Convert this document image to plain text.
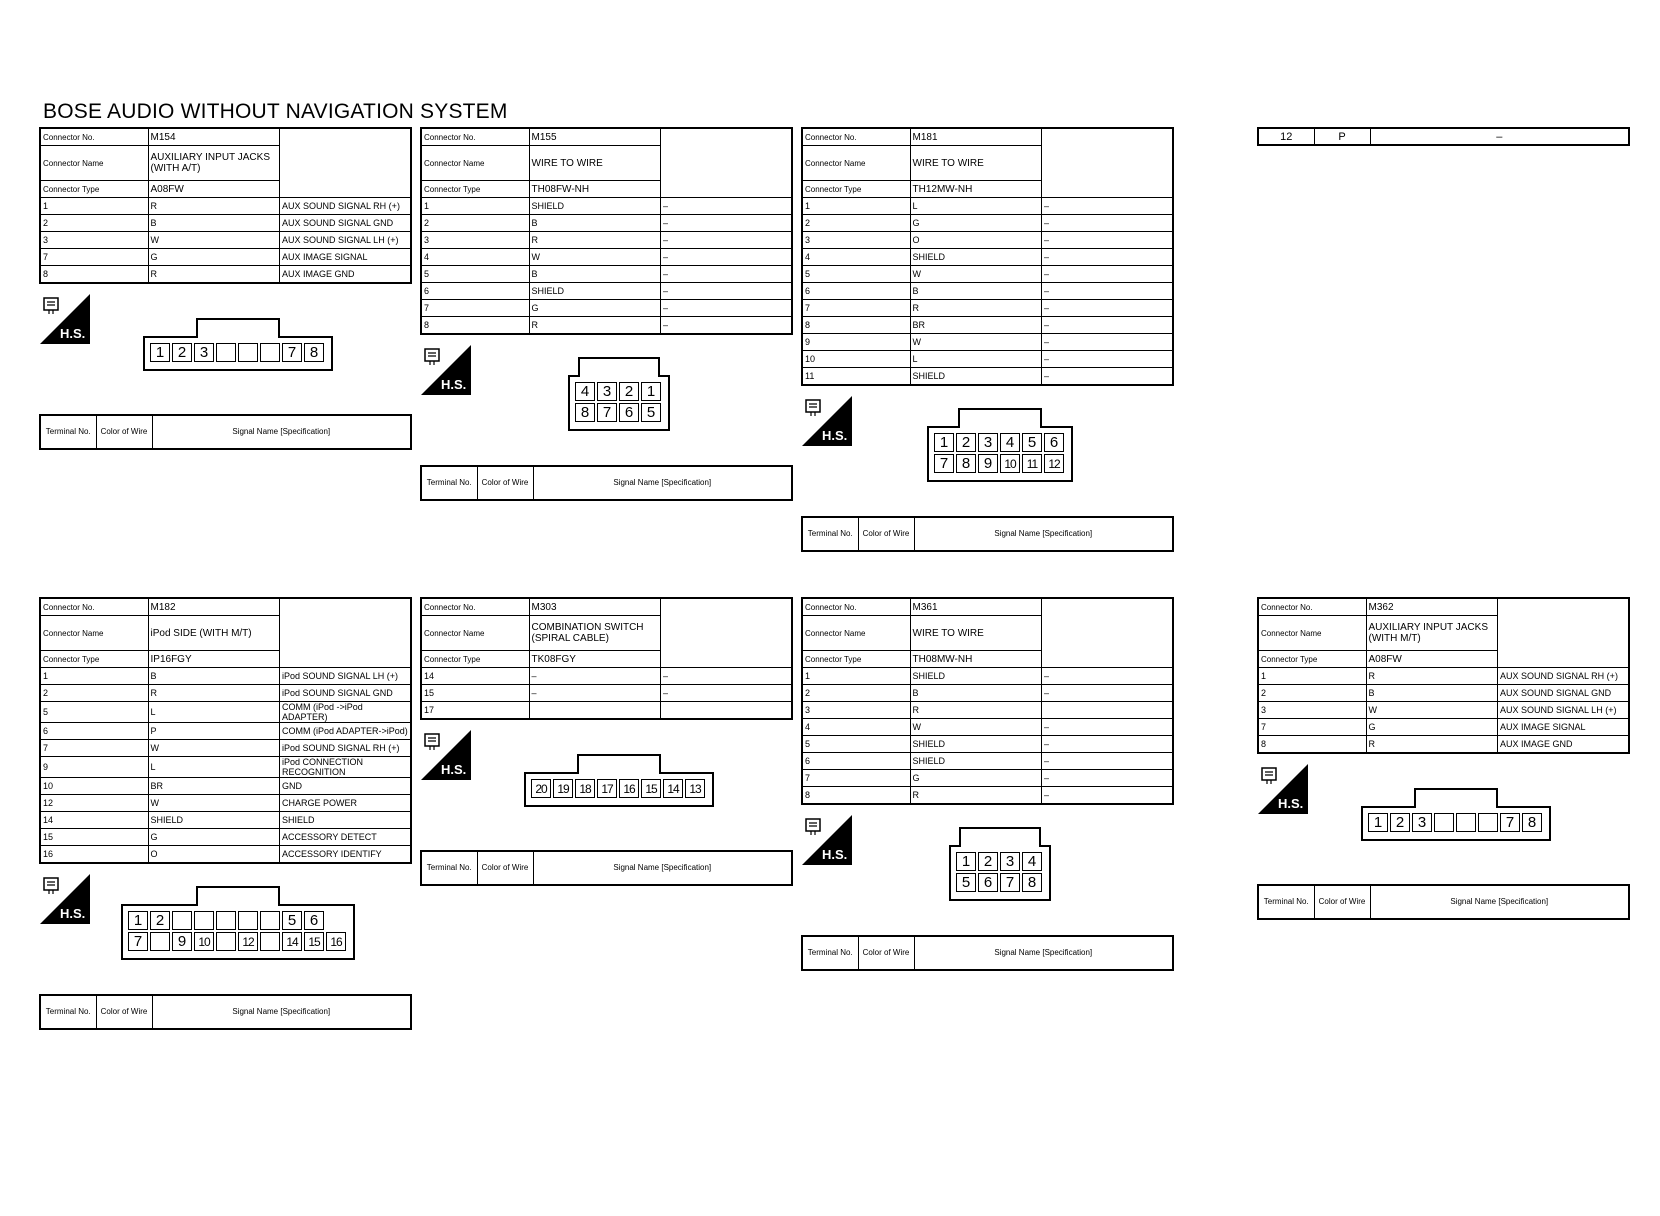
BOSE AUDIO WITHOUT NAVIGATION SYSTEM
12	P	–
Connector No.	M154	
Connector Name	AUXILIARY INPUT JACKS (WITH A/T)	
Connector Type	A08FW	
1	R	AUX SOUND SIGNAL RH (+)
2	B	AUX SOUND SIGNAL GND
3	W	AUX SOUND SIGNAL LH (+)
7	G	AUX IMAGE SIGNAL
8	R	AUX IMAGE GND
H.S.
1 2 3	7 8
Terminal No.	Color of Wire	Signal Name [Specification]
Connector No.	M155	
Connector Name	WIRE TO WIRE	
Connector Type	TH08FW-NH	
1	SHIELD	–
2	B	–
3	R	–
4	W	–
5	B	–
6	SHIELD	–
7	G	–
8	R	–
H.S.	4 3 2 1
8 7 6 5
Terminal No.	Color of Wire	Signal Name [Specification]
Connector No.	M181	
Connector Name	WIRE TO WIRE	
Connector Type	TH12MW-NH	
1	L	–
2	G	–
3	O	–
4	SHIELD	–
5	W	–
6	B	–
7	R	–
8	BR	–
9	W	–
10	L	–
11	SHIELD	–
H.S.	1 2 3 4 5 6
7 8 9	10 11 12
Terminal No.	Color of Wire	Signal Name [Specification]
Connector No.	M182	
Connector Name	iPod SIDE (WITH M/T)	
Connector Type	IP16FGY	
1	B	iPod SOUND SIGNAL LH (+)
2	R	iPod SOUND SIGNAL GND
5	L	COMM (iPod ->iPod ADAPTER)
6	P	COMM (iPod ADAPTER->iPod)
7	W	iPod SOUND SIGNAL RH (+)
9	L	iPod CONNECTION RECOGNITION
10	BR	GND
12	W	CHARGE POWER
14	SHIELD	SHIELD
15	G	ACCESSORY DETECT
16	O	ACCESSORY IDENTIFY
H.S.	1 2	5 6
7	9	10	12	14 15 16
Terminal No.	Color of Wire	Signal Name [Specification]
Connector No.	M303	
Connector Name	COMBINATION SWITCH (SPIRAL CABLE)	
Connector Type	TK08FGY	
14	–	–
15	–	–
17		
H.S.
20 19 18 17 16 15 14 13
Terminal No.	Color of Wire	Signal Name [Specification]
Connector No.	M361	
Connector Name	WIRE TO WIRE	
Connector Type	TH08MW-NH	
1	SHIELD	–
2	B	–
3	R	
4	W	–
5	SHIELD	–
6	SHIELD	–
7	G	–
8	R	–
H.S.	1 2 3 4
5 6 7 8
Terminal No.	Color of Wire	Signal Name [Specification]
Connector No.	M362	
Connector Name	AUXILIARY INPUT JACKS (WITH M/T)	
Connector Type	A08FW	
1	R	AUX SOUND SIGNAL RH (+)
2	B	AUX SOUND SIGNAL GND
3	W	AUX SOUND SIGNAL LH (+)
7	G	AUX IMAGE SIGNAL
8	R	AUX IMAGE GND
H.S.
1 2 3	7 8
Terminal No.	Color of Wire	Signal Name [Specification]
